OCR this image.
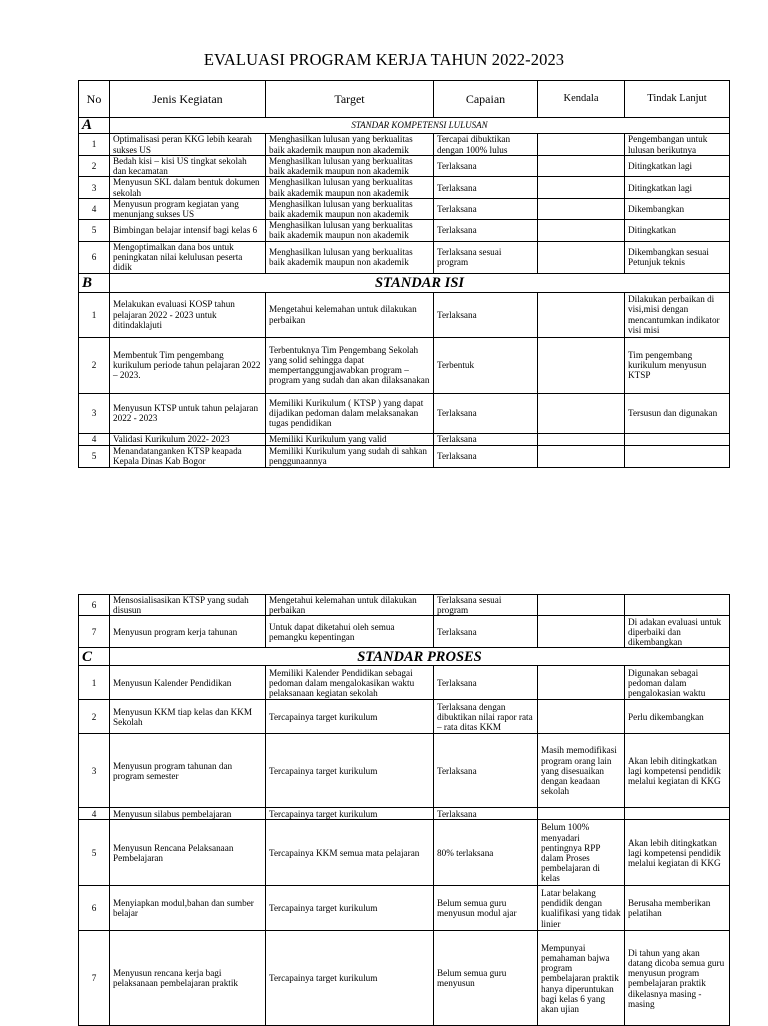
EVALUASI PROGRAM KERJA TAHUN 2022-2023
No	Jenis Kegiatan	Target	Capaian	Kendala	Tindak Lanjut
A	STANDAR KOMPETENSI LULUSAN				
1	Optimalisasi peran KKG lebih kearah sukses US	Menghasilkan lulusan yang berkualitas baik akademik maupun non akademik	Tercapai dibuktikan dengan 100% lulus		Pengembangan untuk lulusan berikutnya
2	Bedah kisi – kisi US tingkat sekolah dan kecamatan	Menghasilkan lulusan yang berkualitas baik akademik maupun non akademik	Terlaksana		Ditingkatkan lagi
3	Menyusun SKL dalam bentuk dokumen sekolah	Menghasilkan lulusan yang berkualitas baik akademik maupun non akademik	Terlaksana		Ditingkatkan lagi
4	Menyusun program kegiatan yang menunjang sukses US	Menghasilkan lulusan yang berkualitas baik akademik maupun non akademik	Terlaksana		Dikembangkan
5	Bimbingan belajar intensif bagi kelas 6	Menghasilkan lulusan yang berkualitas baik akademik maupun non akademik	Terlaksana		Ditingkatkan
6	Mengoptimalkan dana bos untuk peningkatan nilai kelulusan peserta didik	Menghasilkan lulusan yang berkualitas baik akademik maupun non akademik	Terlaksana sesuai program		Dikembangkan sesuai Petunjuk teknis
B	STANDAR ISI				
1	Melakukan evaluasi KOSP tahun pelajaran 2022 - 2023 untuk ditindaklajuti	Mengetahui kelemahan untuk dilakukan perbaikan	Terlaksana		Dilakukan perbaikan di visi,misi dengan mencantumkan indikator visi misi
2	Membentuk Tim pengembang kurikulum periode tahun pelajaran 2022 – 2023.	Terbentuknya Tim Pengembang Sekolah yang solid sehingga dapat mempertanggungjawabkan program – program yang sudah dan akan dilaksanakan	Terbentuk		Tim pengembang kurikulum menyusun KTSP
3	Menyusun KTSP untuk tahun pelajaran 2022 - 2023	Memiliki Kurikulum ( KTSP ) yang dapat dijadikan pedoman dalam melaksanakan tugas pendidikan	Terlaksana		Tersusun dan digunakan
4	Validasi Kurikulum 2022- 2023	Memiliki Kurikulum yang valid	Terlaksana		
5	Menandatanganken KTSP keapada Kepala Dinas Kab Bogor	Memiliki Kurikulum yang sudah di sahkan penggunaannya	Terlaksana		
6	Mensosialisasikan KTSP yang sudah disusun	Mengetahui kelemahan untuk dilakukan perbaikan	Terlaksana sesuai program		
7	Menyusun program kerja tahunan	Untuk dapat diketahui oleh semua pemangku kepentingan	Terlaksana		Di adakan evaluasi untuk diperbaiki dan dikembangkan
C	STANDAR PROSES				
1	Menyusun Kalender Pendidikan	Memiliki Kalender Pendidikan sebagai pedoman dalam mengalokasikan waktu pelaksanaan kegiatan sekolah	Terlaksana		Digunakan sebagai pedoman dalam pengalokasian waktu
2	Menyusun KKM tiap kelas dan KKM Sekolah	Tercapainya target kurikulum	Terlaksana dengan dibuktikan nilai rapor rata – rata ditas KKM		Perlu dikembangkan
3	Menyusun program tahunan dan program semester	Tercapainya target kurikulum	Terlaksana	Masih memodifikasi program orang lain yang disesuaikan dengan keadaan sekolah	Akan lebih ditingkatkan lagi kompetensi pendidik melalui kegiatan di KKG
4	Menyusun silabus pembelajaran	Tercapainya target kurikulum	Terlaksana		
5	Menyusun Rencana Pelaksanaan Pembelajaran	Tercapainya KKM semua mata pelajaran	80% terlaksana	Belum 100% menyadari pentingnya RPP dalam Proses pembelajaran di kelas	Akan lebih ditingkatkan lagi kompetensi pendidik melalui kegiatan di KKG
6	Menyiapkan modul,bahan dan sumber belajar	Tercapainya target kurikulum	Belum semua guru menyusun modul ajar	Latar belakang pendidik dengan kualifikasi yang tidak linier	Berusaha memberikan pelatihan
7	Menyusun rencana kerja bagi pelaksanaan pembelajaran praktik	Tercapainya target kurikulum	Belum semua guru menyusun	Mempunyai pemahaman bajwa program pembelajaran praktik hanya diperuntukan bagi kelas 6 yang akan ujian	Di tahun yang akan datang dicoba semua guru menyusun program pembelajaran praktik dikelasnya masing - masing
